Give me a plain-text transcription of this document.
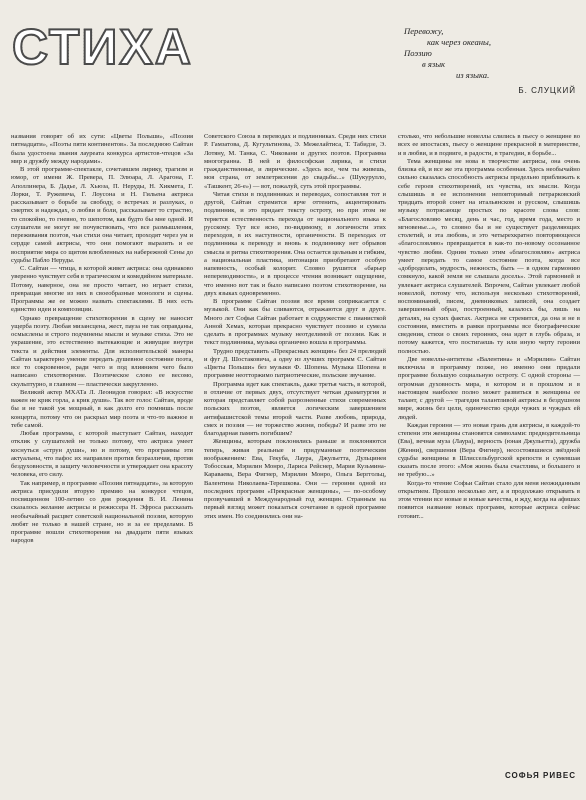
СТИХА	Перевожу,
как через океаны,
Поэзию
в язык
из языка.
Б. СЛУЦКИЙ

названия говорят об их сути: «Цветы Польши», «Поэзия пятнадцати», «Поэты пяти континентов». За последнюю Сайтан была удостоена звания лауреата конкурса артистов-чтецов «За мир и дружбу между народами».

В этой программе-спектакле, сочетавшем лирику, трагизм и юмор, от имени Ж. Превера, П. Элюара, Л. Арагона, Г. Аполлинера, Б. Дадье, Л. Хьюза, П. Неруды, Н. Хикмета, Г. Лорки, Т. Ружевича, Г. Лоусона и Н. Гильена актриса рассказывает о борьбе за свободу, о встречах и разлуках, о смертях и надеждах, о любви и боли, рассказывает то страстно, то спокойно, то гневно, то шепотом, как будто бы мне одной. И слушатели не могут не почувствовать, что все размышления, переживания поэтов, чьи стихи она читает, проходят через ум и сердце самой актрисы, что они помогают выразить и ее восприятие мира со щитом влюбленных на набережной Сены до судьбы Пабло Неруды.

С. Сайтан — чтица, в которой живет актриса: она одинаково уверенно чувствует себя в трагическом и комедийном материале. Потому, наверное, она не просто читает, но играет стихи, превращая многие из них в своеобразные монологи и сцены. Программы же ее можно назвать спектаклями. В них есть единство идеи и композиции.

Однако превращение стихотворения в сцену не наносит ущерба поэту. Любая мизансцена, жест, пауза не так оправданы, осмыслены и строго подчинены мысли и музыке стиха. Это не украшение, это естественно вытекающие и живущие внутри текста и действия элементы. Для исполнительской манеры Сайтан характерно умение передать душевное состояние поэта, все то сокровенное, ради чего и под влиянием чего было написано стихотворение. Поэтическое слово ее весомо, скульптурно, в главном — пластически закругленно.

Великий актер МХАТа Л. Леонидов говорил: «В искусстве важен не крик горла, а крик души». Так вот голос Сайтан, вроде бы и не такой уж мощный, в как долго его помнишь после концерта, потому что он раскрыл мир поэта и что-то важное в тебе самой.

Любая программа, с которой выступает Сайтан, находит отклик у слушателей не только потому, что актриса умеет коснуться «струн души», но и потому, что программы эти актуальны, что пафос их направлен против безразличия, против бездуховности, в защиту человечности и утверждает она красоту человека, его силу.

Так например, в программе «Поэзия пятнадцати», за которую актриса присудили вторую премию на конкурсе чтецов, посвященном 100-летию со дня рождения В. И. Ленина сказалось желание актрисы и режиссера Н. Эфроса рассказать необычайный расцвет советской национальной поэзии, которую любят не только в нашей стране, но и за ее пределами. В программе вошли стихотворения на двадцати пяти языках народов

Советского Союза в переводах и подлинниках. Среди них стихи Р. Гамзатова, Д. Кугультинова, Э. Межелайтиса, Т. Табидзе, Э. Лотяну, М. Танка, С. Чиковани и других поэтов. Программа многогранна. В ней и философская лирика, и стихи гражданственные, и лирические. «Здесь все, чем ты живешь, моя страна, от землетрясения до свадьбы...» (Шукурулло, «Ташкент, 26-е») — вот, пожалуй, суть этой программы.

Читая стихи в подлинниках и переводах, сопоставляя тот и другой, Сайтан стремится ярче оттенить, акцентировать подлинник, и это придает тексту остроту, но при этом не теряется естественность перехода от национального языка к русскому. Тут все ясно, по-видимому, в логичности этих переходов, в их наступности, органичности. В переходах от подлинника к переводу и вновь к подлиннику нет обрывов смысла и ритма стихотворения. Она остается цельным и гибким, а национальная пластика, интонации приобретают особую напевность, особый колорит. Словно рушится «барьер непереводимости», и в процессе чтения возникает ощущение, что именно вот так и было написано поэтом стихотворение, на двух языках одновременно.

В программе Сайтан поэзия все время соприкасается с музыкой. Они как бы сливаются, отражаются друг в друге. Много лет Софья Сайтан работает в содружестве с пианисткой Анной Хемах, которая прекрасно чувствует поэзию и сумела сделать в программах музыку неотделимой от поэзии. Как и текст подлинника, музыка органично вошла в программы.

Трудно представить «Прекрасных женщин» без 24 прелюдий и фуг Д. Шостаковича, а одну из лучших программ С. Сайтан «Цветы Польши» без музыки Ф. Шопена. Музыка Шопена в программе неотторжимо патриотические, польские звучание.

Программа идет как спектакль, даже третья часть, в которой, в отличие от первых двух, отсутствует четкая драматургия и которая представляет собой разрозненные стихи современных польских поэтов, является логическим завершением антифашистской темы второй части. Разве любовь, природа, смех и поэзия — не торжество жизни, победы? И разве это не благодарная память погибшим?

Женщины, которым поклонялись раньше и поклоняются теперь, живая реальные и придуманные поэтическим воображением: Ева, Гекуба, Лаура, Джульетта, Дульцинея Тобосская, Мэрилин Монро, Лариса Рейснер, Мария Кузьмина-Караваева, Вера Фигнер, Мэрилин Монро, Ольга Берггольц, Валентина Николаева-Терешкова. Они — героини одной из последних программ «Прекрасные женщины», — по-особому прозвучавшей в Международный год женщин. Странным на первый взгляд может показаться сочетание в одной программе этих имен. Но соединились они на-

столько, что небольшие новеллы слились в пьесу о женщине во всех ее ипостасях, пьесу о женщине прекрасной в материнстве, и в любви, и в подвиге, в радости, в трагедии, в борьбе...

Тема женщины не нова в творчестве актрисы, она очень близка ей, и все же эта программа особенная. Здесь необычайно сильно сказалась способность актрисы предельно приближать к себе героев стихотворений, их чувства, их мысли. Когда слышишь в ее исполнении неповторимый петрарковский тридцать второй сонет на итальянском и русском, слышишь музыку потрясающе простых по красоте слова слов: «Благословляю месяц, день и час, год, время года, место и мгновенье...», то словно бы и не существует разделяющих столетий, и эта любовь, и это четырехкратно повторяющееся «благословляю» превращается в как-то по-новому осознанное чувство любви. Одним только этим «благословляю» актриса умеет передать то самое состояние поэта, когда все «доброделать, мудрость, нежность, быть — в одном гармонию сомкнуло, какой земля не слышала досель». Этой гармонией и увлекает актриса слушателей. Впрочем, Сайтан увлекает любой новеллой, потому что, используя несколько стихотворений, воспоминаний, писем, дневниковых записей, она создает завершенный образ, построенный, казалось бы, лишь на деталях, на сухих фактах. Актриса не стремится, да она и не в состоянии, вместить в рамки программы все биографические сведения, стихи о своих героинях, она идет в глубь образа, и потому кажется, что постигаешь ту или иную черту героини полностью.

Две новеллы-антитезы «Валентина» и «Мэрилин» Сайтан включила в программу позже, но именно они придали программе большую социальную остроту. С одной стороны — огромная духовность мира, в котором и в прошлом и в настоящем наиболее полно может развиться в женщины ее талант, с другой — трагедия талантливой актрисы в бездушном мире, жизнь без цели, одиночество среди чужих и чуждых ей людей.

Каждая героиня — это новая грань для актрисы, в каждой-то степени эти женщины становятся символами: предводительница (Ева), вечная муза (Лаура), верность (юная Джульетта), дружба (Женни), свершения (Вера Фигнер), несостоявшиеся звёздной судьбы женщины в Шлиссельбургской крепости и сумевшая сказать после этого: «Моя жизнь была счастлива, и большего и не требую...»

Когда-то чтение Софьи Сайтан стало для меня неожиданным открытием. Прошло несколько лет, а я продолжаю открывать в этом чтении все новые и новые качества, и жду, когда на афишах появится название новых программ, которые актриса сейчас готовит...

СОФЬЯ РИВЕС
